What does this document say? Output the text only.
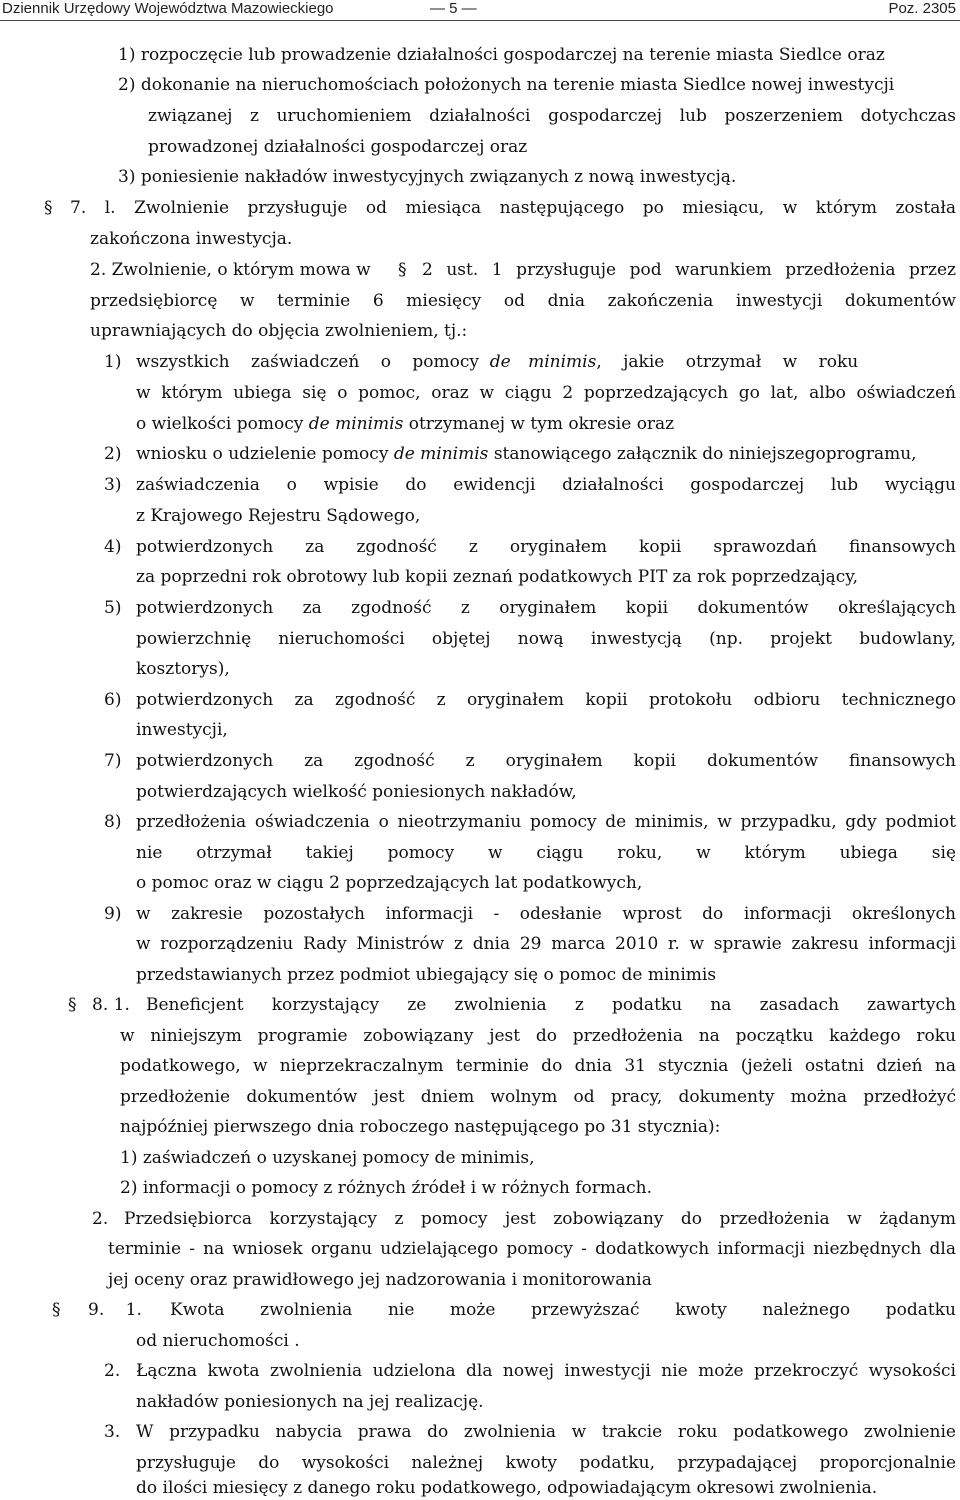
Dziennik Urzędowy Województwa Mazowieckiego	— 5 —	Poz. 2305
1) rozpoczęcie lub prowadzenie działalności gospodarczej na terenie miasta Siedlce oraz
2) dokonanie na nieruchomościach położonych na terenie miasta Siedlce nowej inwestycji
związanej z uruchomieniem działalności gospodarczej lub poszerzeniem dotychczas
prowadzonej działalności gospodarczej oraz
3) poniesienie nakładów inwestycyjnych związanych z nową inwestycją.
§ 7. l. Zwolnienie przysługuje od miesiąca następującego po miesiącu, w którym została
zakończona inwestycja.
2. Zwolnienie, o którym mowa w § 2 ust. 1 przysługuje pod warunkiem przedłożenia przez
przedsiębiorcę w terminie 6 miesięcy od dnia zakończenia inwestycji dokumentów
uprawniających do objęcia zwolnieniem, tj.:
1) wszystkich zaświadczeń o pomocy de minimis, jakie otrzymał w roku
w którym ubiega się o pomoc, oraz w ciągu 2 poprzedzających go lat, albo oświadczeń
o wielkości pomocy de minimis otrzymanej w tym okresie oraz
2) wniosku o udzielenie pomocy de minimis stanowiącego załącznik do niniejszegoprogramu,
3) zaświadczenia o wpisie do ewidencji działalności gospodarczej lub wyciągu
z Krajowego Rejestru Sądowego,
4) potwierdzonych za zgodność z oryginałem kopii sprawozdań finansowych
za poprzedni rok obrotowy lub kopii zeznań podatkowych PIT za rok poprzedzający,
5) potwierdzonych za zgodność z oryginałem kopii dokumentów określających
powierzchnię nieruchomości objętej nową inwestycją (np. projekt budowlany,
kosztorys),
6) potwierdzonych za zgodność z oryginałem kopii protokołu odbioru technicznego
inwestycji,
7) potwierdzonych za zgodność z oryginałem kopii dokumentów finansowych
potwierdzających wielkość poniesionych nakładów,
8) przedłożenia oświadczenia o nieotrzymaniu pomocy de minimis, w przypadku, gdy podmiot
nie otrzymał takiej pomocy w ciągu roku, w którym ubiega się
o pomoc oraz w ciągu 2 poprzedzających lat podatkowych,
9) w zakresie pozostałych informacji - odesłanie wprost do informacji określonych
w rozporządzeniu Rady Ministrów z dnia 29 marca 2010 r. w sprawie zakresu informacji
przedstawianych przez podmiot ubiegający się o pomoc de minimis
§ 8. 1. Beneficjent korzystający ze zwolnienia z podatku na zasadach zawartych
w niniejszym programie zobowiązany jest do przedłożenia na początku każdego roku
podatkowego, w nieprzekraczalnym terminie do dnia 31 stycznia (jeżeli ostatni dzień na
przedłożenie dokumentów jest dniem wolnym od pracy, dokumenty można przedłożyć
najpóźniej pierwszego dnia roboczego następującego po 31 stycznia):
1) zaświadczeń o uzyskanej pomocy de minimis,
2) informacji o pomocy z różnych źródeł i w różnych formach.
2. Przedsiębiorca korzystający z pomocy jest zobowiązany do przedłożenia w żądanym
terminie - na wniosek organu udzielającego pomocy - dodatkowych informacji niezbędnych dla
jej oceny oraz prawidłowego jej nadzorowania i monitorowania
§ 9. 1. Kwota zwolnienia nie może przewyższać kwoty należnego podatku
od nieruchomości .
2. Łączna kwota zwolnienia udzielona dla nowej inwestycji nie może przekroczyć wysokości
nakładów poniesionych na jej realizację.
3. W przypadku nabycia prawa do zwolnienia w trakcie roku podatkowego zwolnienie
przysługuje do wysokości należnej kwoty podatku, przypadającej proporcjonalnie
do ilości miesięcy z danego roku podatkowego, odpowiadającym okresowi zwolnienia.
